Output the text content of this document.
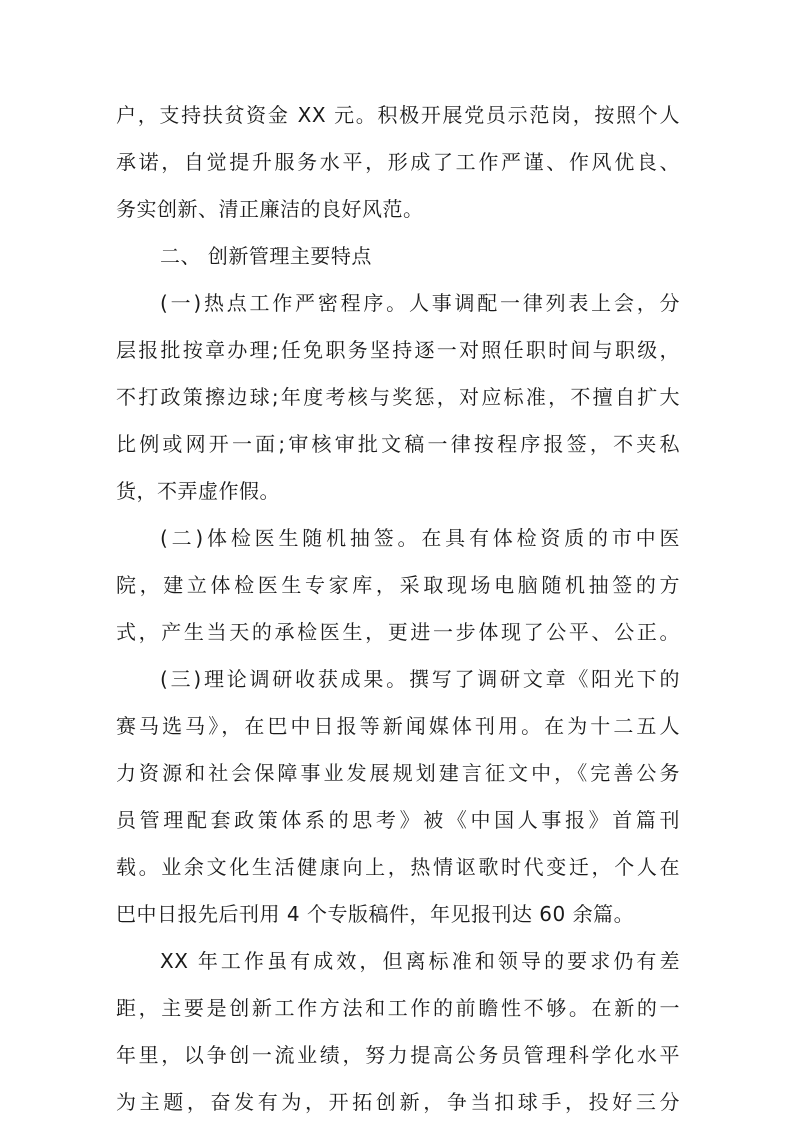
户，支持扶贫资金 XX 元。积极开展党员示范岗，按照个人
承诺，自觉提升服务水平，形成了工作严谨、作风优良、
务实创新、清正廉洁的良好风范。
二、 创新管理主要特点
(一)热点工作严密程序。人事调配一律列表上会，分
层报批按章办理;任免职务坚持逐一对照任职时间与职级，
不打政策擦边球;年度考核与奖惩，对应标准，不擅自扩大
比例或网开一面;审核审批文稿一律按程序报签，不夹私
货，不弄虚作假。
(二)体检医生随机抽签。在具有体检资质的市中医
院，建立体检医生专家库，采取现场电脑随机抽签的方
式，产生当天的承检医生，更进一步体现了公平、公正。
(三)理论调研收获成果。撰写了调研文章《阳光下的
赛马选马》，在巴中日报等新闻媒体刊用。在为十二五人
力资源和社会保障事业发展规划建言征文中，《完善公务
员管理配套政策体系的思考》被《中国人事报》首篇刊
载。业余文化生活健康向上，热情讴歌时代变迁，个人在
巴中日报先后刊用 4 个专版稿件，年见报刊达 60 余篇。
XX 年工作虽有成效，但离标准和领导的要求仍有差
距，主要是创新工作方法和工作的前瞻性不够。在新的一
年里，以争创一流业绩，努力提高公务员管理科学化水平
为主题，奋发有为，开拓创新，争当扣球手，投好三分
